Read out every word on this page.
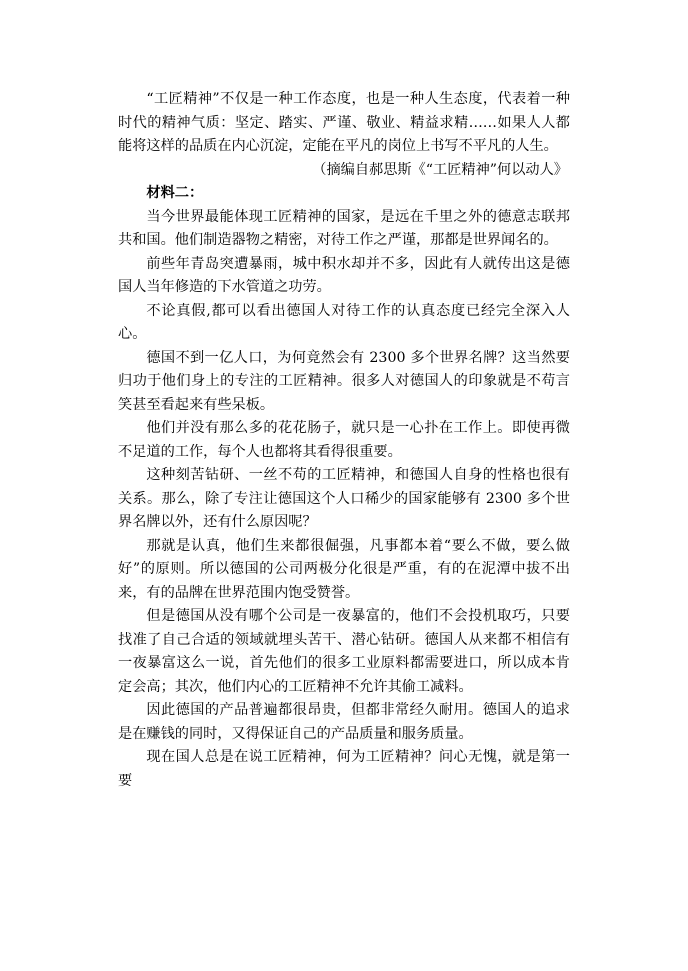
“工匠精神”不仅是一种工作态度，也是一种人生态度，代表着一种时代的精神气质：坚定、踏实、严谨、敬业、精益求精……如果人人都能将这样的品质在内心沉淀，定能在平凡的岗位上书写不平凡的人生。

（摘编自郝思斯《“工匠精神”何以动人》

材料二：

当今世界最能体现工匠精神的国家，是远在千里之外的德意志联邦共和国。他们制造器物之精密，对待工作之严谨，那都是世界闻名的。

前些年青岛突遭暴雨，城中积水却并不多，因此有人就传出这是德国人当年修造的下水管道之功劳。

不论真假,都可以看出德国人对待工作的认真态度已经完全深入人心。

德国不到一亿人口，为何竟然会有 2300 多个世界名牌？这当然要归功于他们身上的专注的工匠精神。很多人对德国人的印象就是不苟言笑甚至看起来有些呆板。

他们并没有那么多的花花肠子，就只是一心扑在工作上。即使再微不足道的工作，每个人也都将其看得很重要。

这种刻苦钻研、一丝不苟的工匠精神，和德国人自身的性格也很有关系。那么，除了专注让德国这个人口稀少的国家能够有 2300 多个世界名牌以外，还有什么原因呢？

那就是认真，他们生来都很倔强，凡事都本着“要么不做，要么做好”的原则。所以德国的公司两极分化很是严重，有的在泥潭中拔不出来，有的品牌在世界范围内饱受赞誉。

但是德国从没有哪个公司是一夜暴富的，他们不会投机取巧，只要找准了自己合适的领域就埋头苦干、潜心钻研。德国人从来都不相信有一夜暴富这么一说，首先他们的很多工业原料都需要进口，所以成本肯定会高；其次，他们内心的工匠精神不允许其偷工减料。

因此德国的产品普遍都很昂贵，但都非常经久耐用。德国人的追求是在赚钱的同时，又得保证自己的产品质量和服务质量。

现在国人总是在说工匠精神，何为工匠精神？问心无愧，就是第一要
